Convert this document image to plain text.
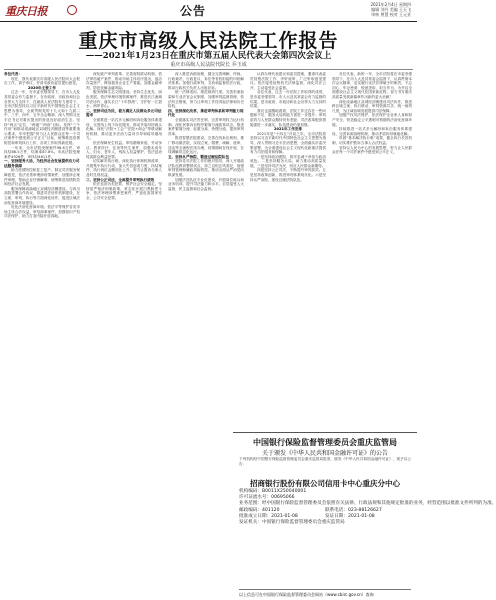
重庆日报	公告	2021年2月4日 星期四
编辑 刘丹 美编 王天飞
审核 曾慧 校对 王元亚
重庆市高级人民法院工作报告
——2021年1月23日在重庆市第五届人民代表大会第四次会议上
重庆市高级人民法院代院长 乔玉成
各位代表：

现在，我代表重庆市高级人民法院向大会报告工作，请予审议，并请市政协委员提出意见。

2020年主要工作

过去一年，在市委坚强领导下，在市人大及其常委会有力监督下，在市政府、市政协和社会各界大力支持下，在最高人民法院有力指导下，全市法院坚持以习近平新时代中国特色社会主义思想为指导，全面贯彻党的十九大和十九届二中、三中、四中、五中全会精神，深入贯彻习近平总书记对重庆提出的营造良好政治生态，坚持“两点”定位、“两地”“两高”目标，发挥“三个作用”和推动成渝地区双城经济圈建设等重要指示要求，牢牢把握“努力让人民群众在每一个司法案件中感受到公平正义”目标，统筹推进疫情防控和审判执行工作，各项工作取得新进展。

一年来，全市法院受理案件98.6万件，审执结86.5万件，结案率87.8%。市高法院受理案件4926件，审执结4611件。

一、坚持服务大局，为经济社会发展提供有力司法服务保障

助力疫情防控和复工复产。制定司法服务保障意见，依法妥善审理涉疫情案件，加强涉企案件审理，帮助企业纾困解难，统筹推进疫情防控和经济社会发展。

服务保障成渝地区双城经济圈建设。与四川高院签署合作协议，推进司法协作机制建设，在立案、审判、执行等方面深化协作，促进区域法治化营商环境建设。

优化法治化营商环境。依法平等保护各类市场主体合法权益，审结商事案件，加强知识产权司法保护，助力打造内陆开放高地。

深化破产审判改革，完善府院联动机制，依法审结破产案件，推动市场主体有序退出，盘活存量资产，释放债务企业生产要素。加强金融审判，防范化解金融风险。

服务保障生态文明建设。坚持生态优先、绿色发展，依法审理环境资源案件，推进长江流域司法协作，落实长江“十年禁渔”，守护好一江碧水、两岸青山。

二、坚持司法为民，着力满足人民群众多元司法需求

全面推进一站式多元解纷和诉讼服务体系建设，完善线上线下诉讼服务，推动矛盾纠纷源头化解。深化“法院+工会”“法院+商会”等联动解纷机制，推动更多法治力量向引导和疏导端用力。

依法保障民生权益。审结婚姻家庭、劳动争议、教育医疗、住房等民生案件，加强未成年人、妇女、老年人、残疾人权益保护，依法惩治侵害群众利益犯罪。

切实解决执行难。深化执行体制机制改革，开展集中执行行动，加大失信惩戒力度，执结案件，执行到位金额同比上升，努力让胜诉当事人及时兑现权益。

三、坚持公正司法，全面提升审判执行质效

依法惩治各类犯罪，维护社会安全稳定。坚持宽严相济刑事政策，常态化开展扫黑除恶斗争，依法审理涉黑涉恶案件，严惩危害国家安全、公共安全犯罪。

深入推进诉源治理，健全完善调解、仲裁、行政裁决、行政复议、诉讼等有机衔接的纠纷解决体系。加强行政审判，支持和监督依法行政，推动行政机关负责人出庭应诉。

统一法律适用，规范裁判尺度。完善类案检索和专业法官会议制度，加强审判监督管理，依法纠正错案，努力让审判工作经得起法律和历史检验。

四、坚持深化改革，推进审判体系和审判能力现代化

全面落实司法责任制，完善审判权力运行机制。深化民事诉讼程序繁简分流改革试点，推进案件繁简分流、轻重分离、快慢分道，提高审判效率。

推进智慧法院建设，完善在线诉讼规则，推广移动微法院，实现立案、缴费、调解、庭审、送达等全流程在线办理，疫情期间在线开庭、在线调解常态化运行。

五、坚持从严治院，锻造过硬法院队伍

坚持党对法院工作的绝对领导，深入开展政法队伍教育整顿试点，持之以恒正风肃纪，加强审判管理和廉政风险防控，推动全面从严治党向纵深发展。

加强法官队伍专业化建设，开展岗位练兵和业务培训，提升司法能力和水平。自觉接受人大监督、民主监督和社会监督。

认真办理代表建议和委员提案，邀请代表委员视察法院工作、旁听庭审，广泛听取意见建议。依法接受检察机关法律监督，深化司法公开，主动接受社会监督。

各位代表，过去一年法院工作取得的成绩，是市委坚强领导、市人大及其常委会有力监督的结果，是市政府、市政协和社会各界大力支持的结果。

我们也清醒地看到，法院工作还存在一些问题和不足：服务大局的能力需进一步提升；审判质效与人民群众期待仍有差距；司法改革配套措施需进一步落实；队伍建设仍需加强。

2021年工作安排

2021年是“十四五”开局之年。全市法院将坚持以习近平新时代中国特色社会主义思想为指导，深入贯彻习近平法治思想，全面落实市委决策部署，为全面建设社会主义现代化新重庆提供有力司法服务和保障。

一是坚持政治建院，筑牢忠诚干净担当政治底色。二是坚持服务大局，助力推动高质量发展。三是坚持司法为民，回应人民群众新期待。

四是坚持公正司法，不断提升审判质效。五是坚持改革创新，推进审判体系现代化。六是坚持从严治院，建设过硬法院队伍。

各位代表，新的一年，全市法院将在市委坚强领导下，在市人大及其常委会监督下，认真贯彻本次会议精神，忠实履行宪法法律赋予的职责，不忘初心、牢记使命，锐意进取、担当作为，为开启全面建设社会主义现代化国家新征程、奋力书写重庆高质量发展新篇章作出新的更大贡献！

深化成渝地区双城经济圈建设司法协作，推进跨区域立案、执行联动、审判资源共享，统一裁判尺度，为区域协调发展提供司法保障。

加强产权司法保护，依法保护企业家人身和财产安全，营造稳定公平透明可预期的法治化营商环境。

持续推进一站式多元解纷和诉讼服务体系建设，完善诉源治理机制，推动矛盾纠纷就地化解。

巩固“基本解决执行难”成果，健全执行长效机制，切实维护胜诉当事人合法权益。

坚持以人民为中心的发展思想，努力让人民群众在每一个司法案件中感受到公平正义。

中国银行保险监督管理委员会重庆监管局
关于颁发《中华人民共和国金融许可证》的公告
下列机构经中国银行保险监督管理委员会重庆监管局批准，颁发《中华人民共和国金融许可证》，现予以公告：
招商银行股份有限公司信用卡中心重庆分中心
机构编码：B0011X250040001
许可证流水号：00695066
业务范围：经中国银行保险监督管理委员会依照有关法律、行政法规和其他规定批准的业务，经营范围以批准文件所列的为准。
邮政编码：401120	联系电话：023-88126627
批准成立日期：2021-01-08	发证日期：2021-01-08
发证机关：中国银行保险监督管理委员会重庆监管局
以上信息可在中国银行保险监督管理委员会网站（www.cbirc.gov.cn）查询
